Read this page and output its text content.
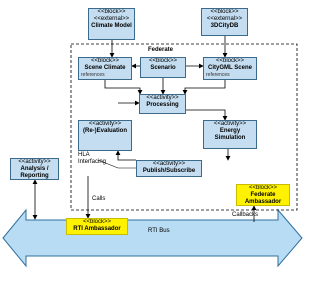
<<block>>
<<external>>
Climate Model
<<block>>
<<external>>
3DCityDB
Federate
<<block>>
Scene Climate
references
<<block>>
Scenario
<<block>>
CityGML Scene
references
<<activity>>
Processing
<<activity>>
(Re-)Evaluation
<<activity>>
Energy Simulation
<<activity>>
Publish/Subscribe
<<activity>>
Analysis / Reporting
HLA Interfacing
<<block>>
Federate Ambassador
<<block>>
RTI Ambassador
Calls
Callbacks
RTI Bus
